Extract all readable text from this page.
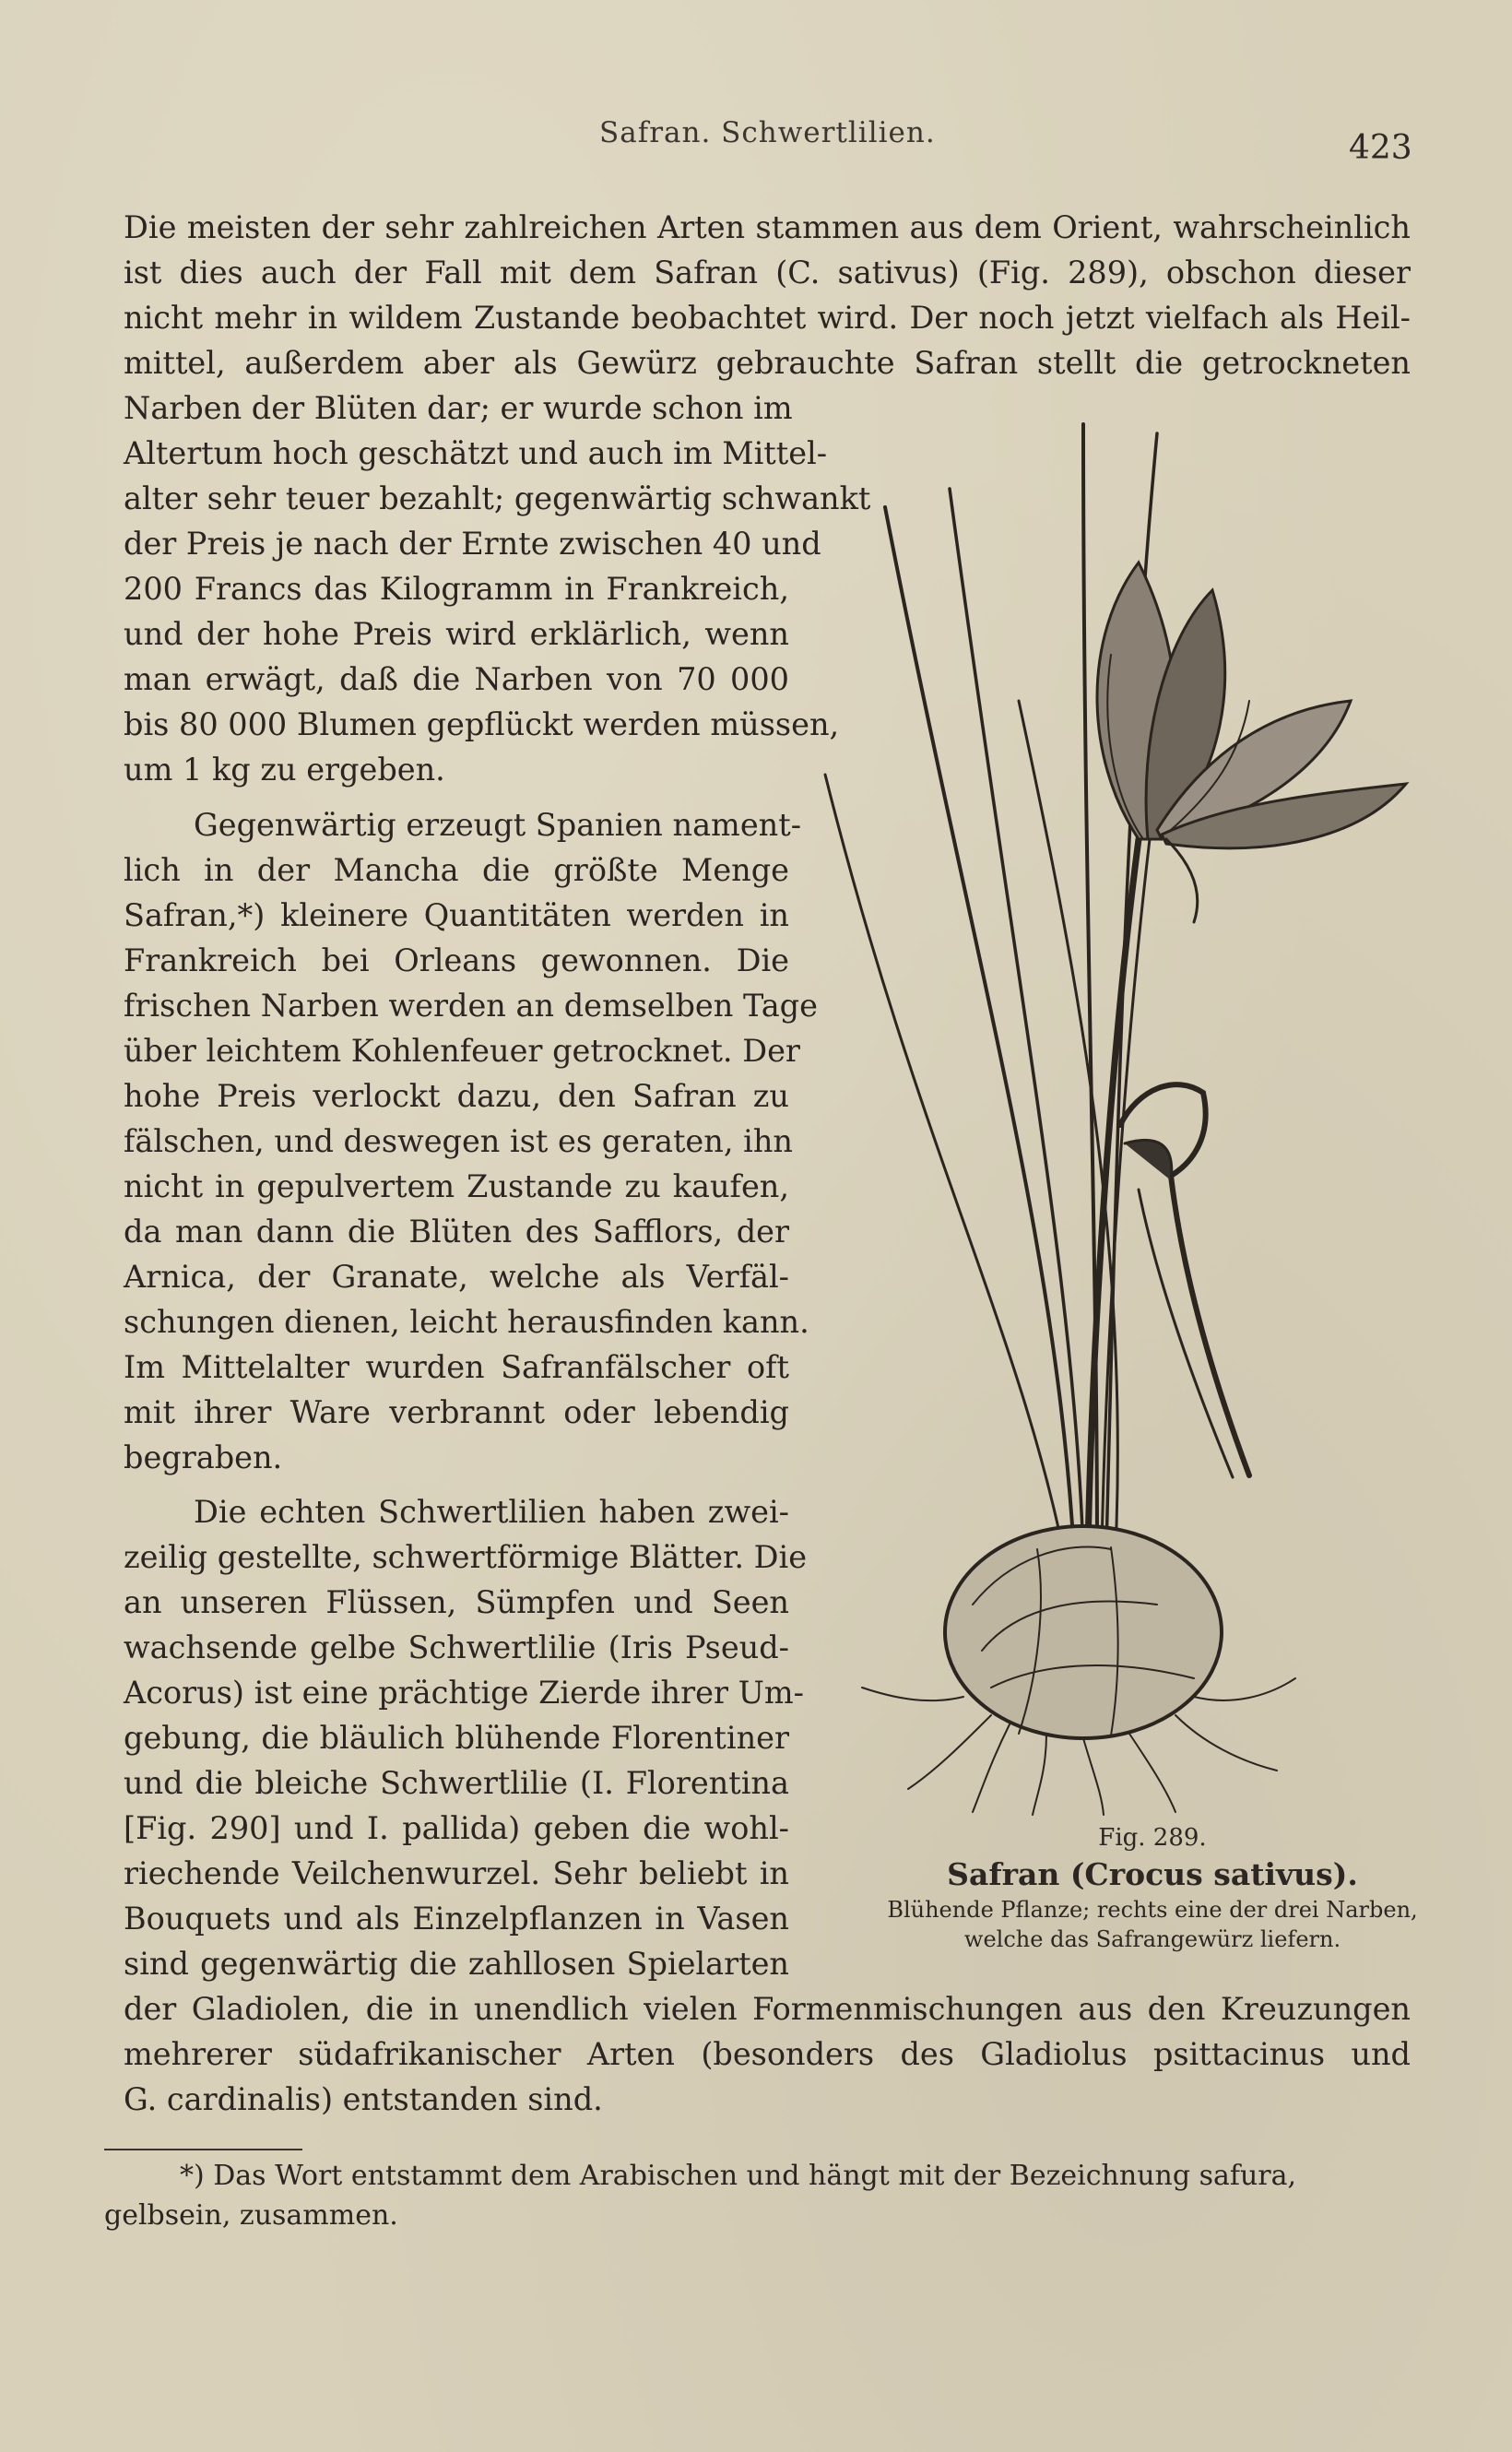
Safran. Schwertlilien.	423
Die meisten der sehr zahlreichen Arten stammen aus dem Orient, wahrscheinlich
ist dies auch der Fall mit dem Safran (C. sativus) (Fig. 289), obschon dieser
nicht mehr in wildem Zustande beobachtet wird. Der noch jetzt vielfach als Heil-
mittel, außerdem aber als Gewürz gebrauchte Safran stellt die getrockneten
Narben der Blüten dar; er wurde schon im
Altertum hoch geschätzt und auch im Mittel-
alter sehr teuer bezahlt; gegenwärtig schwankt
der Preis je nach der Ernte zwischen 40 und
200 Francs das Kilogramm in Frankreich,
und der hohe Preis wird erklärlich, wenn
man erwägt, daß die Narben von 70 000
bis 80 000 Blumen gepflückt werden müssen,
um 1 kg zu ergeben.
Gegenwärtig erzeugt Spanien nament-
lich in der Mancha die größte Menge
Safran,*) kleinere Quantitäten werden in
Frankreich bei Orleans gewonnen. Die
frischen Narben werden an demselben Tage
über leichtem Kohlenfeuer getrocknet. Der
hohe Preis verlockt dazu, den Safran zu
fälschen, und deswegen ist es geraten, ihn
nicht in gepulvertem Zustande zu kaufen,
da man dann die Blüten des Safflors, der
Arnica, der Granate, welche als Verfäl-
schungen dienen, leicht herausfinden kann.
Im Mittelalter wurden Safranfälscher oft
mit ihrer Ware verbrannt oder lebendig
begraben.
Die echten Schwertlilien haben zwei-
zeilig gestellte, schwertförmige Blätter. Die
an unseren Flüssen, Sümpfen und Seen
wachsende gelbe Schwertlilie (Iris Pseud-
Acorus) ist eine prächtige Zierde ihrer Um-
gebung, die bläulich blühende Florentiner
und die bleiche Schwertlilie (I. Florentina
[Fig. 290] und I. pallida) geben die wohl-
riechende Veilchenwurzel. Sehr beliebt in
Bouquets und als Einzelpflanzen in Vasen
sind gegenwärtig die zahllosen Spielarten
der Gladiolen, die in unendlich vielen Formenmischungen aus den Kreuzungen
mehrerer südafrikanischer Arten (besonders des Gladiolus psittacinus und
G. cardinalis) entstanden sind.
Fig. 289.
Safran (Crocus sativus).
Blühende Pflanze; rechts eine der drei Narben,
welche das Safrangewürz liefern.
*) Das Wort entstammt dem Arabischen und hängt mit der Bezeichnung safura,
gelbsein, zusammen.
